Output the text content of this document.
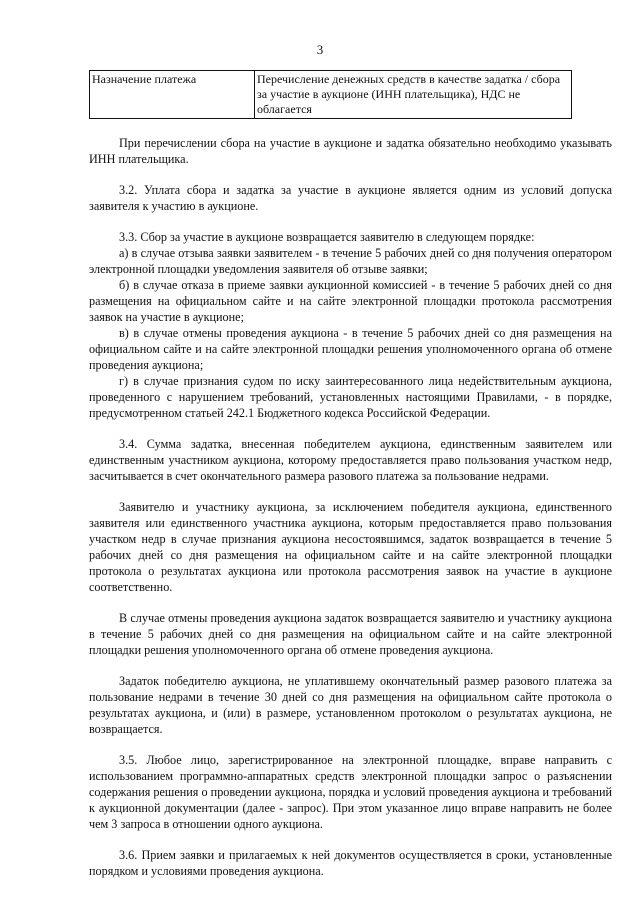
3
Назначение платежа	Перечисление денежных средств в качестве задатка / сбора за участие в аукционе (ИНН плательщика), НДС не облагается

При перечислении сбора на участие в аукционе и задатка обязательно необходимо указывать ИНН плательщика.

3.2. Уплата сбора и задатка за участие в аукционе является одним из условий допуска заявителя к участию в аукционе.

3.3. Сбор за участие в аукционе возвращается заявителю в следующем порядке:

а) в случае отзыва заявки заявителем - в течение 5 рабочих дней со дня получения оператором электронной площадки уведомления заявителя об отзыве заявки;

б) в случае отказа в приеме заявки аукционной комиссией - в течение 5 рабочих дней со дня размещения на официальном сайте и на сайте электронной площадки протокола рассмотрения заявок на участие в аукционе;

в) в случае отмены проведения аукциона - в течение 5 рабочих дней со дня размещения на официальном сайте и на сайте электронной площадки решения уполномоченного органа об отмене проведения аукциона;

г) в случае признания судом по иску заинтересованного лица недействительным аукциона, проведенного с нарушением требований, установленных настоящими Правилами, - в порядке, предусмотренном статьей 242.1 Бюджетного кодекса Российской Федерации.

3.4. Сумма задатка, внесенная победителем аукциона, единственным заявителем или единственным участником аукциона, которому предоставляется право пользования участком недр, засчитывается в счет окончательного размера разового платежа за пользование недрами.

Заявителю и участнику аукциона, за исключением победителя аукциона, единственного заявителя или единственного участника аукциона, которым предоставляется право пользования участком недр в случае признания аукциона несостоявшимся, задаток возвращается в течение 5 рабочих дней со дня размещения на официальном сайте и на сайте электронной площадки протокола о результатах аукциона или протокола рассмотрения заявок на участие в аукционе соответственно.

В случае отмены проведения аукциона задаток возвращается заявителю и участнику аукциона в течение 5 рабочих дней со дня размещения на официальном сайте и на сайте электронной площадки решения уполномоченного органа об отмене проведения аукциона.

Задаток победителю аукциона, не уплатившему окончательный размер разового платежа за пользование недрами в течение 30 дней со дня размещения на официальном сайте протокола о результатах аукциона, и (или) в размере, установленном протоколом о результатах аукциона, не возвращается.

3.5. Любое лицо, зарегистрированное на электронной площадке, вправе направить с использованием программно-аппаратных средств электронной площадки запрос о разъяснении содержания решения о проведении аукциона, порядка и условий проведения аукциона и требований к аукционной документации (далее - запрос). При этом указанное лицо вправе направить не более чем 3 запроса в отношении одного аукциона.

3.6. Прием заявки и прилагаемых к ней документов осуществляется в сроки, установленные порядком и условиями проведения аукциона.
